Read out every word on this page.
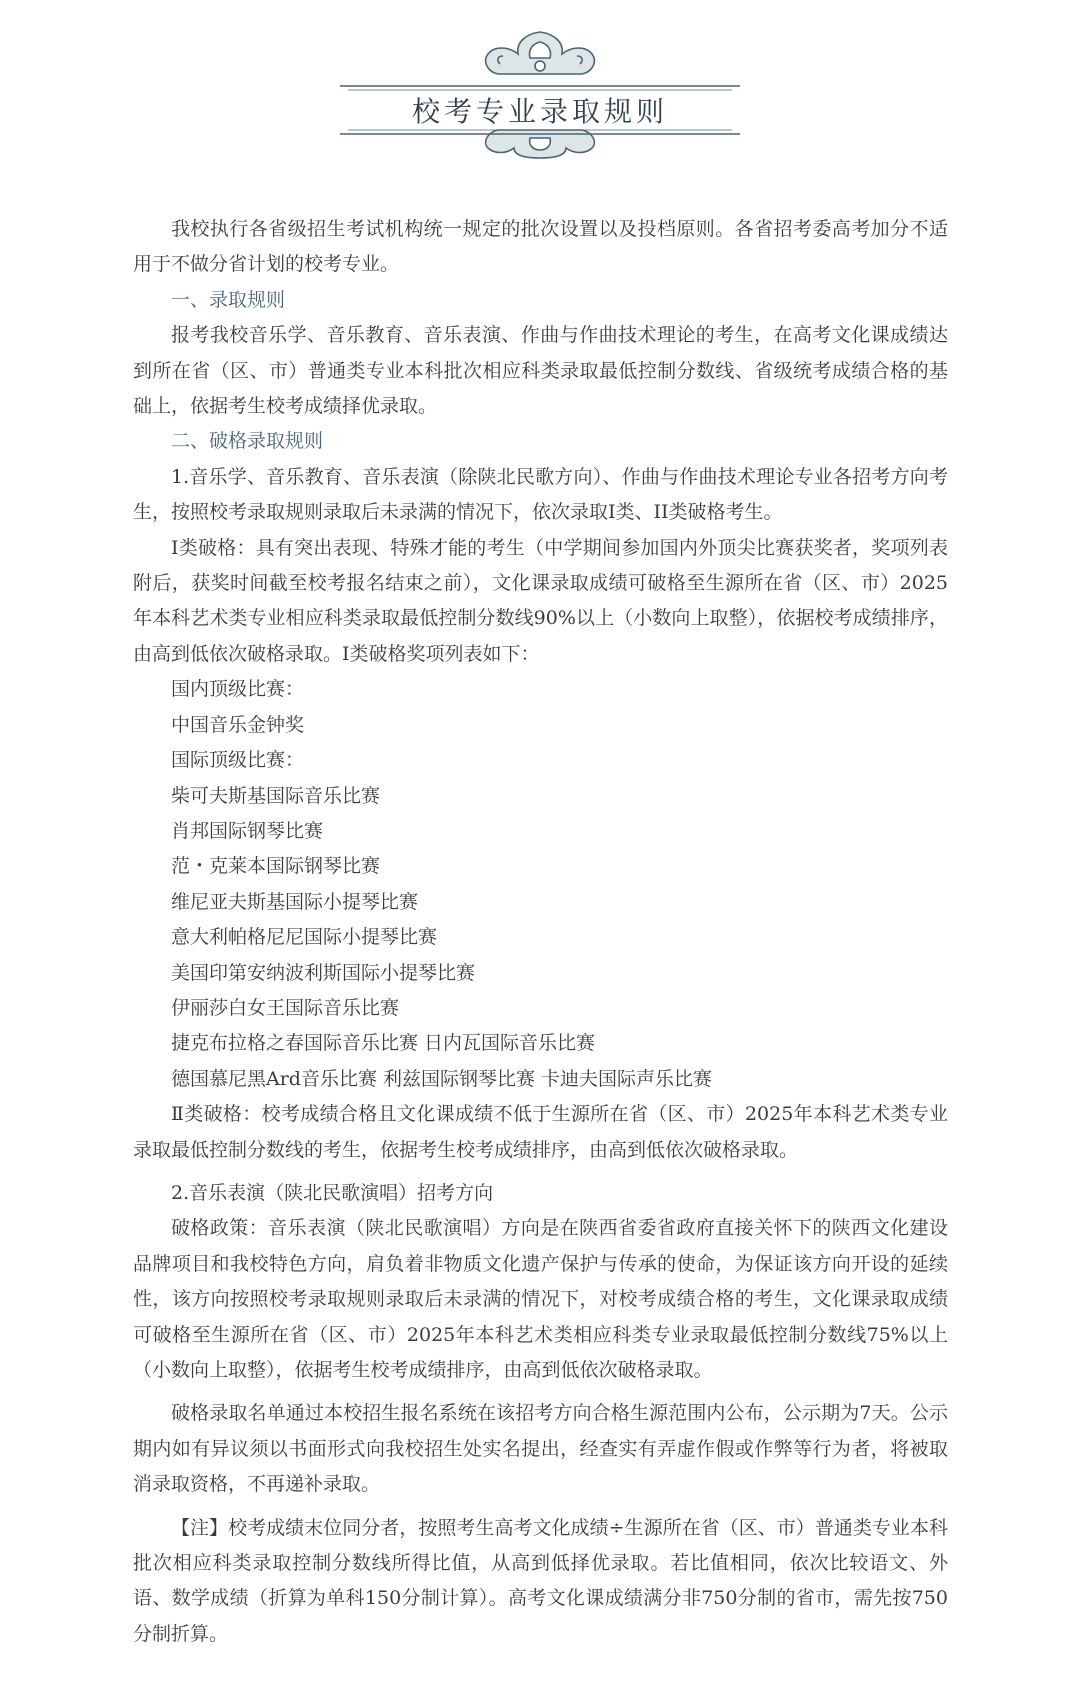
校考专业录取规则

我校执行各省级招生考试机构统一规定的批次设置以及投档原则。各省招考委高考加分不适用于不做分省计划的校考专业。

一、录取规则

报考我校音乐学、音乐教育、音乐表演、作曲与作曲技术理论的考生，在高考文化课成绩达到所在省（区、市）普通类专业本科批次相应科类录取最低控制分数线、省级统考成绩合格的基础上，依据考生校考成绩择优录取。

二、破格录取规则

1.音乐学、音乐教育、音乐表演（除陕北民歌方向）、作曲与作曲技术理论专业各招考方向考生，按照校考录取规则录取后未录满的情况下，依次录取I类、II类破格考生。

I类破格：具有突出表现、特殊才能的考生（中学期间参加国内外顶尖比赛获奖者，奖项列表附后，获奖时间截至校考报名结束之前），文化课录取成绩可破格至生源所在省（区、市）2025年本科艺术类专业相应科类录取最低控制分数线90%以上（小数向上取整），依据校考成绩排序，由高到低依次破格录取。Ⅰ类破格奖项列表如下：

国内顶级比赛：

中国音乐金钟奖

国际顶级比赛：

柴可夫斯基国际音乐比赛

肖邦国际钢琴比赛

范・克莱本国际钢琴比赛

维尼亚夫斯基国际小提琴比赛

意大利帕格尼尼国际小提琴比赛

美国印第安纳波利斯国际小提琴比赛

伊丽莎白女王国际音乐比赛

捷克布拉格之春国际音乐比赛 日内瓦国际音乐比赛

德国慕尼黑Ard音乐比赛 利兹国际钢琴比赛 卡迪夫国际声乐比赛

Ⅱ类破格：校考成绩合格且文化课成绩不低于生源所在省（区、市）2025年本科艺术类专业录取最低控制分数线的考生，依据考生校考成绩排序，由高到低依次破格录取。

2.音乐表演（陕北民歌演唱）招考方向

破格政策：音乐表演（陕北民歌演唱）方向是在陕西省委省政府直接关怀下的陕西文化建设品牌项目和我校特色方向，肩负着非物质文化遗产保护与传承的使命，为保证该方向开设的延续性，该方向按照校考录取规则录取后未录满的情况下，对校考成绩合格的考生，文化课录取成绩可破格至生源所在省（区、市）2025年本科艺术类相应科类专业录取最低控制分数线75%以上（小数向上取整），依据考生校考成绩排序，由高到低依次破格录取。

破格录取名单通过本校招生报名系统在该招考方向合格生源范围内公布，公示期为7天。公示期内如有异议须以书面形式向我校招生处实名提出，经查实有弄虚作假或作弊等行为者，将被取消录取资格，不再递补录取。

【注】校考成绩末位同分者，按照考生高考文化成绩÷生源所在省（区、市）普通类专业本科批次相应科类录取控制分数线所得比值，从高到低择优录取。若比值相同，依次比较语文、外语、数学成绩（折算为单科150分制计算）。高考文化课成绩满分非750分制的省市，需先按750分制折算。
